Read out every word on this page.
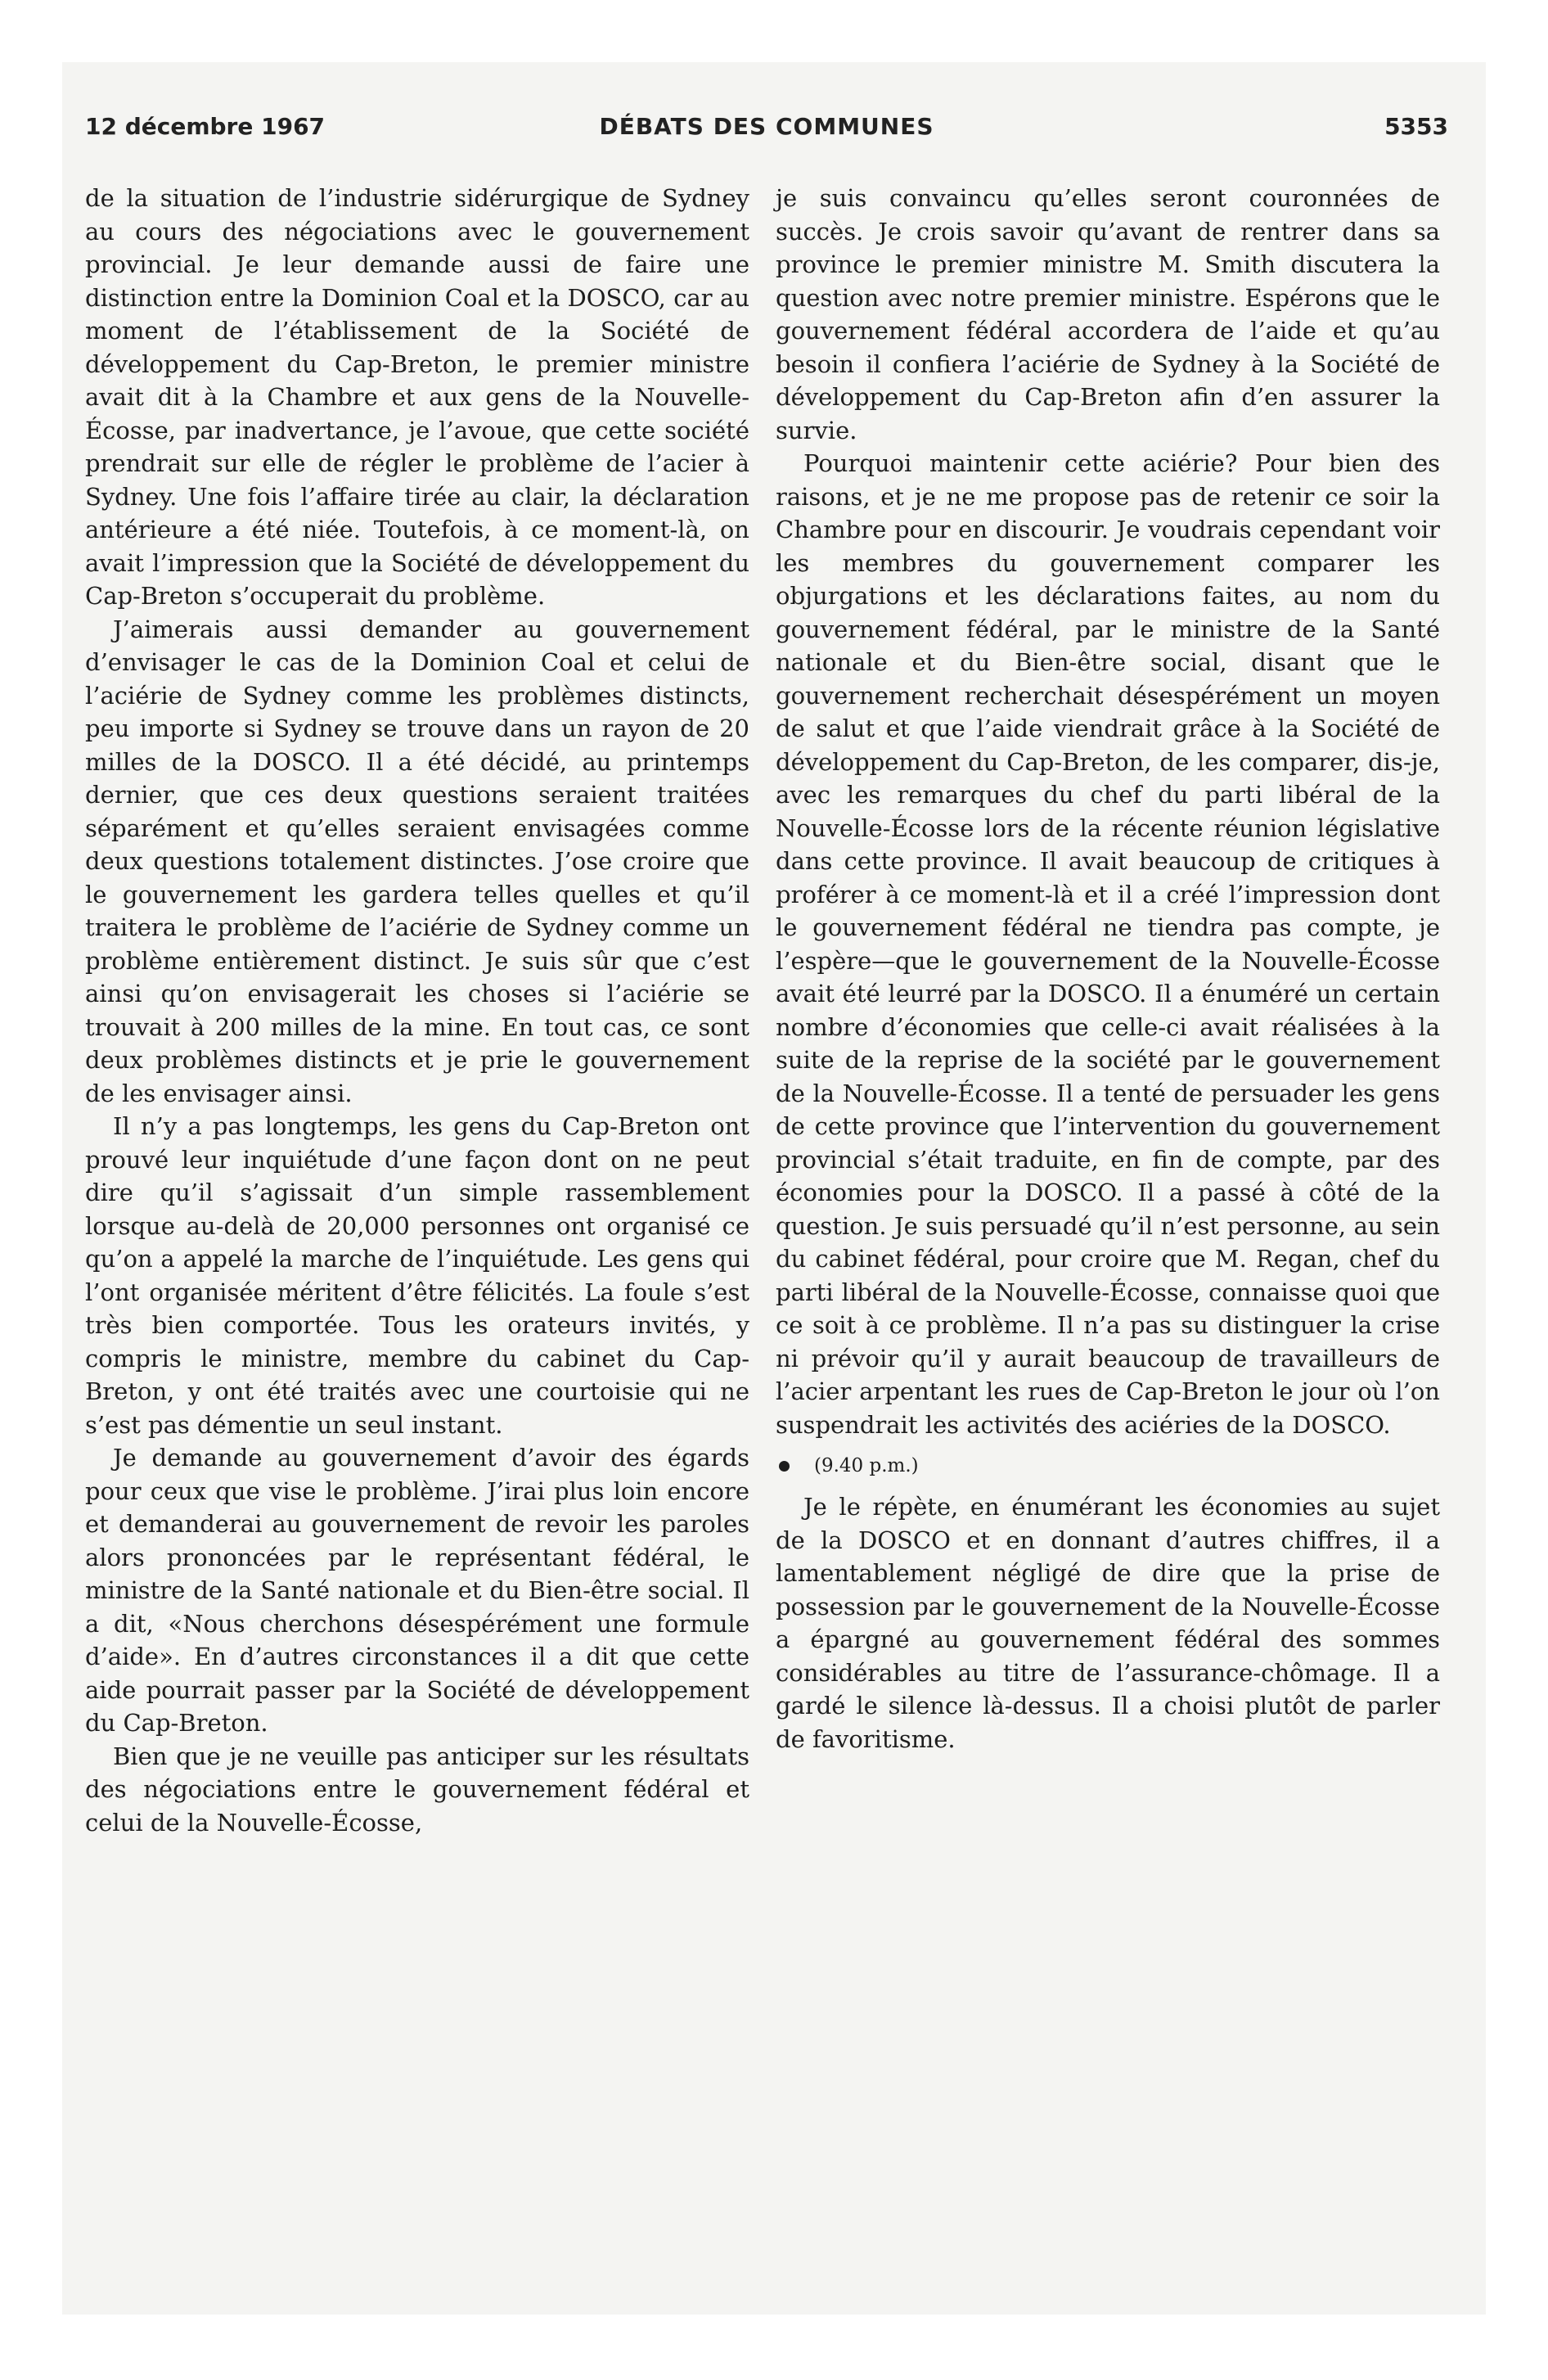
12 décembre 1967	DÉBATS DES COMMUNES	5353

de la situation de l’industrie sidérurgique de Sydney au cours des négociations avec le gouvernement provincial. Je leur demande aussi de faire une distinction entre la Dominion Coal et la DOSCO, car au moment de l’établissement de la Société de développement du Cap-Breton, le premier ministre avait dit à la Chambre et aux gens de la Nouvelle-Écosse, par inadvertance, je l’avoue, que cette société prendrait sur elle de régler le problème de l’acier à Sydney. Une fois l’affaire tirée au clair, la déclaration antérieure a été niée. Toutefois, à ce moment-là, on avait l’impression que la Société de développement du Cap-Breton s’occuperait du problème.

J’aimerais aussi demander au gouvernement d’envisager le cas de la Dominion Coal et celui de l’aciérie de Sydney comme les problèmes distincts, peu importe si Sydney se trouve dans un rayon de 20 milles de la DOSCO. Il a été décidé, au printemps dernier, que ces deux questions seraient traitées séparément et qu’elles seraient envisagées comme deux questions totalement distinctes. J’ose croire que le gouvernement les gardera telles quelles et qu’il traitera le problème de l’aciérie de Sydney comme un problème entièrement distinct. Je suis sûr que c’est ainsi qu’on envisagerait les choses si l’aciérie se trouvait à 200 milles de la mine. En tout cas, ce sont deux problèmes distincts et je prie le gouvernement de les envisager ainsi.

Il n’y a pas longtemps, les gens du Cap-Breton ont prouvé leur inquiétude d’une façon dont on ne peut dire qu’il s’agissait d’un simple rassemblement lorsque au-delà de 20,000 personnes ont organisé ce qu’on a appelé la marche de l’inquiétude. Les gens qui l’ont organisée méritent d’être félicités. La foule s’est très bien comportée. Tous les orateurs invités, y compris le ministre, membre du cabinet du Cap-Breton, y ont été traités avec une courtoisie qui ne s’est pas démentie un seul instant.

Je demande au gouvernement d’avoir des égards pour ceux que vise le problème. J’irai plus loin encore et demanderai au gouvernement de revoir les paroles alors prononcées par le représentant fédéral, le ministre de la Santé nationale et du Bien-être social. Il a dit, «Nous cherchons désespérément une formule d’aide». En d’autres circonstances il a dit que cette aide pourrait passer par la Société de développement du Cap-Breton.

Bien que je ne veuille pas anticiper sur les résultats des négociations entre le gouvernement fédéral et celui de la Nouvelle-Écosse,

je suis convaincu qu’elles seront couronnées de succès. Je crois savoir qu’avant de rentrer dans sa province le premier ministre M. Smith discutera la question avec notre premier ministre. Espérons que le gouvernement fédéral accordera de l’aide et qu’au besoin il confiera l’aciérie de Sydney à la Société de développement du Cap-Breton afin d’en assurer la survie.

Pourquoi maintenir cette aciérie? Pour bien des raisons, et je ne me propose pas de retenir ce soir la Chambre pour en discourir. Je voudrais cependant voir les membres du gouvernement comparer les objurgations et les déclarations faites, au nom du gouvernement fédéral, par le ministre de la Santé nationale et du Bien-être social, disant que le gouvernement recherchait désespérément un moyen de salut et que l’aide viendrait grâce à la Société de développement du Cap-Breton, de les comparer, dis-je, avec les remarques du chef du parti libéral de la Nouvelle-Écosse lors de la récente réunion législative dans cette province. Il avait beaucoup de critiques à proférer à ce moment-là et il a créé l’impression dont le gouvernement fédéral ne tiendra pas compte, je l’espère—que le gouvernement de la Nouvelle-Écosse avait été leurré par la DOSCO. Il a énuméré un certain nombre d’économies que celle-ci avait réalisées à la suite de la reprise de la société par le gouvernement de la Nouvelle-Écosse. Il a tenté de persuader les gens de cette province que l’intervention du gouvernement provincial s’était traduite, en fin de compte, par des économies pour la DOSCO. Il a passé à côté de la question. Je suis persuadé qu’il n’est personne, au sein du cabinet fédéral, pour croire que M. Regan, chef du parti libéral de la Nouvelle-Écosse, connaisse quoi que ce soit à ce problème. Il n’a pas su distinguer la crise ni prévoir qu’il y aurait beaucoup de travailleurs de l’acier arpentant les rues de Cap-Breton le jour où l’on suspendrait les activités des aciéries de la DOSCO.

(9.40 p.m.)

Je le répète, en énumérant les économies au sujet de la DOSCO et en donnant d’autres chiffres, il a lamentablement négligé de dire que la prise de possession par le gouvernement de la Nouvelle-Écosse a épargné au gouvernement fédéral des sommes considérables au titre de l’assurance-chômage. Il a gardé le silence là-dessus. Il a choisi plutôt de parler de favoritisme.
